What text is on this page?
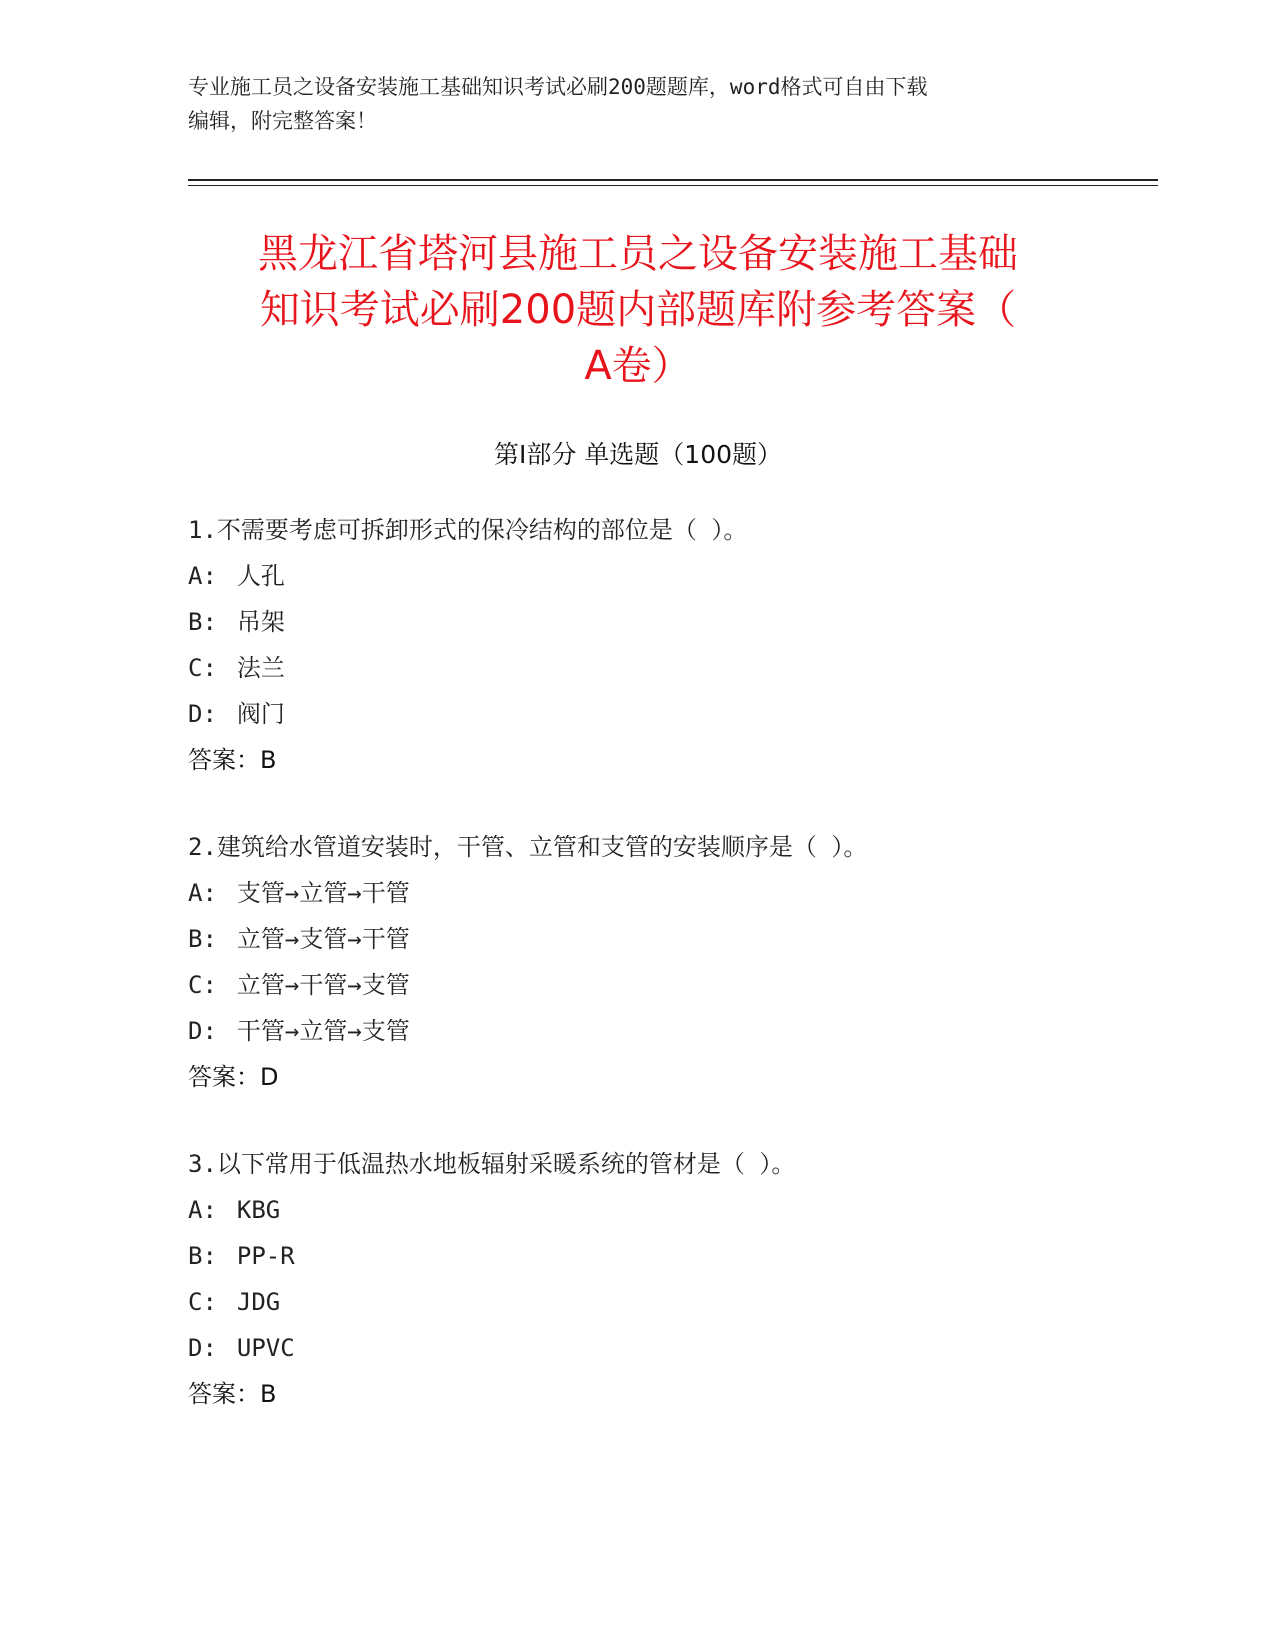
专业施工员之设备安装施工基础知识考试必刷200题题库，word格式可自由下载
编辑，附完整答案！
黑龙江省塔河县施工员之设备安装施工基础
知识考试必刷200题内部题库附参考答案（
A卷）
第I部分 单选题（100题）
1.不需要考虑可拆卸形式的保冷结构的部位是（ ）。
A: 人孔
B: 吊架
C: 法兰
D: 阀门
答案：B
2.建筑给水管道安装时，干管、立管和支管的安装顺序是（ ）。
A: 支管→立管→干管
B: 立管→支管→干管
C: 立管→干管→支管
D: 干管→立管→支管
答案：D
3.以下常用于低温热水地板辐射采暖系统的管材是（ ）。
A: KBG
B: PP-R
C: JDG
D: UPVC
答案：B
